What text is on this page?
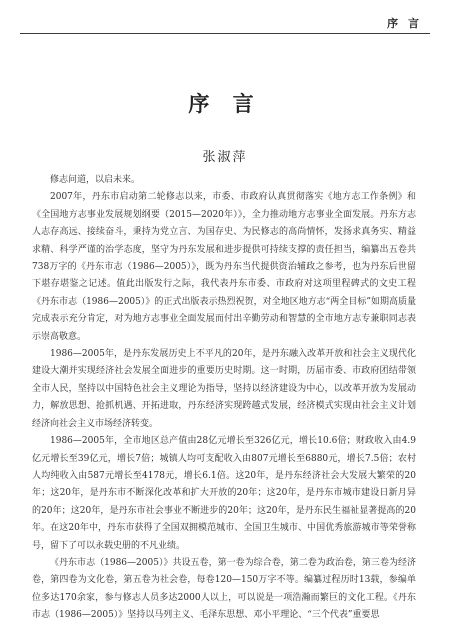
序 言
序 言
张淑萍

修志问道，以启未来。

2007年，丹东市启动第二轮修志以来，市委、市政府认真贯彻落实《地方志工作条例》和《全国地方志事业发展规划纲要（2015—2020年）》，全力推动地方志事业全面发展。丹东方志人志存高远、接续奋斗，秉持为党立言、为国存史、为民修志的高尚情怀，发扬求真务实、精益求精、科学严谨的治学态度，坚守为丹东发展和进步提供可持续支撑的责任担当，编纂出五卷共738万字的《丹东市志（1986—2005）》，既为丹东当代提供资治辅政之参考，也为丹东后世留下堪存堪鉴之记述。值此出版发行之际，我代表丹东市委、市政府对这项里程碑式的文史工程《丹东市志（1986—2005）》的正式出版表示热烈祝贺，对全地区地方志“两全目标”如期高质量完成表示充分肯定，对为地方志事业全面发展而付出辛勤劳动和智慧的全市地方志专兼职同志表示崇高敬意。

1986—2005年，是丹东发展历史上不平凡的20年，是丹东融入改革开放和社会主义现代化建设大潮并实现经济社会发展全面进步的重要历史时期。这一时期，历届市委、市政府团结带领全市人民，坚持以中国特色社会主义理论为指导，坚持以经济建设为中心，以改革开放为发展动力，解放思想、抢抓机遇、开拓进取，丹东经济实现跨越式发展，经济模式实现由社会主义计划经济向社会主义市场经济转变。

1986—2005年，全市地区总产值由28亿元增长至326亿元，增长10.6倍；财政收入由4.9亿元增长至39亿元，增长7倍；城镇人均可支配收入由807元增长至6880元，增长7.5倍；农村人均纯收入由587元增长至4178元，增长6.1倍。这20年，是丹东经济社会大发展大繁荣的20年；这20年，是丹东市不断深化改革和扩大开放的20年；这20年，是丹东市城市建设日新月异的20年；这20年，是丹东市社会事业不断进步的20年；这20年，是丹东民生福祉显著提高的20年。在这20年中，丹东市获得了全国双拥模范城市、全国卫生城市、中国优秀旅游城市等荣誉称号，留下了可以永载史册的不凡业绩。

《丹东市志（1986—2005）》共设五卷，第一卷为综合卷，第二卷为政治卷，第三卷为经济卷，第四卷为文化卷，第五卷为社会卷，每卷120—150万字不等。编纂过程历时13载，参编单位多达170余家，参与修志人员多达2000人以上，可以说是一项浩瀚而繁巨的文化工程。《丹东市志（1986—2005）》坚持以马列主义、毛泽东思想、邓小平理论、“三个代表”重要思
